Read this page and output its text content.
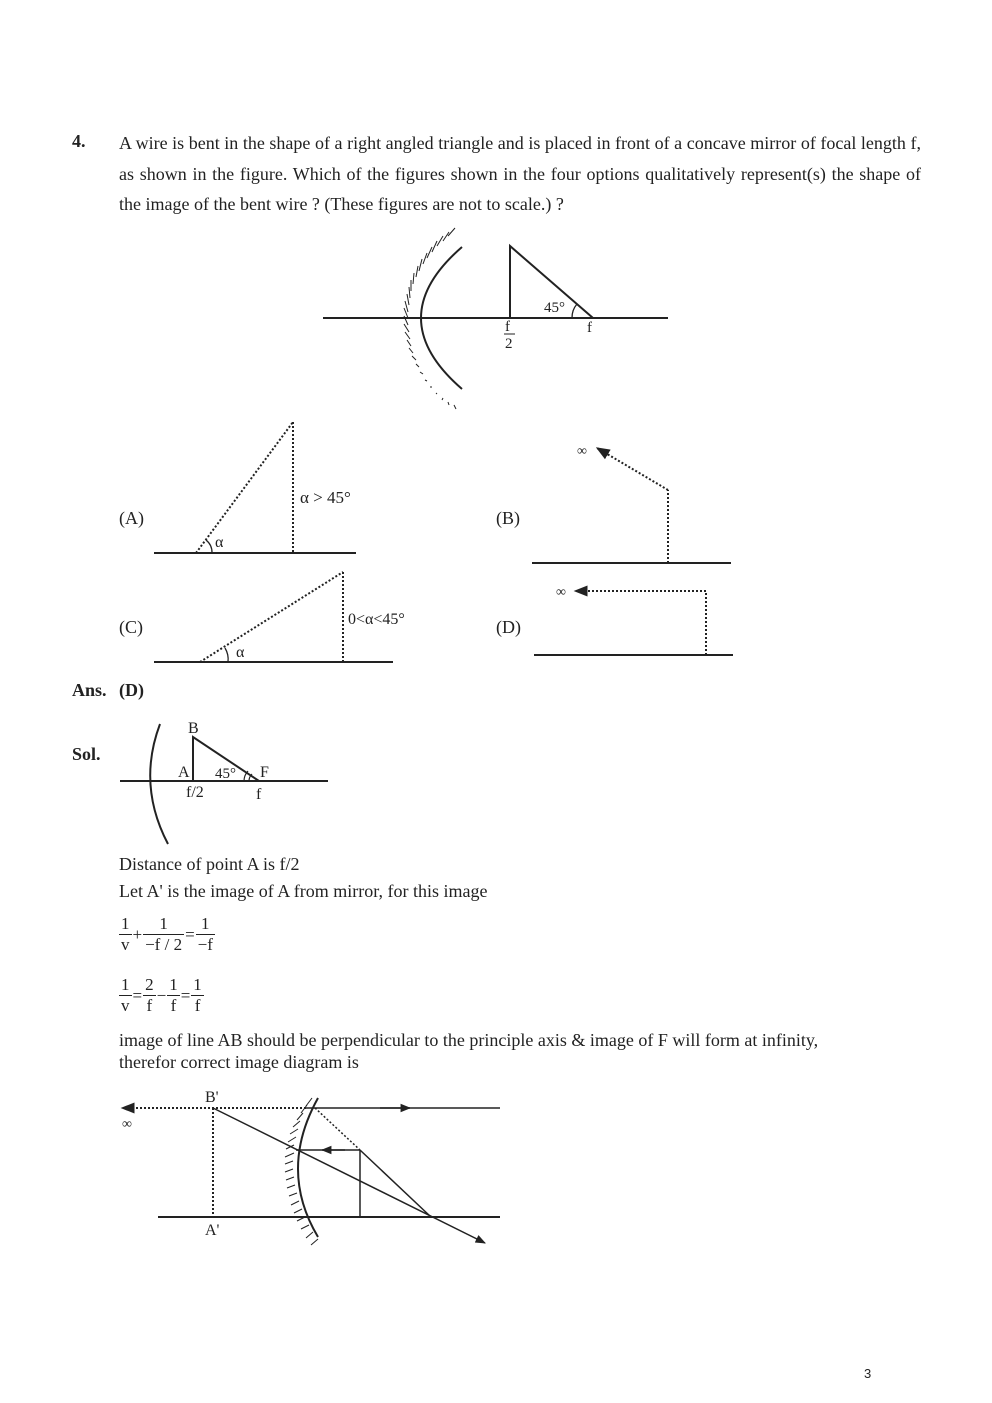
4. A wire is bent in the shape of a right angled triangle and is placed in front of a concave mirror of focal length f, as shown in the figure. Which of the figures shown in the four options qualitatively represent(s) the shape of the image of the bent wire ? (These figures are not to scale.) ?
45°
f
2
f
α
α > 45°
∞
α
0<α<45°
∞
B
A 45° F
f/2	f
B'
A'
∞
(A)	(B)
(C)	(D)
Ans. (D)
Sol.
Distance of point A is f/2
Let A' is the image of A from mirror, for this image
$\frac{1}{v} + \frac{1}{-f / 2} = \frac{1}{-f}$
$\frac{1}{v} = \frac{2}{f} - \frac{1}{f} = \frac{1}{f}$
image of line AB should be perpendicular to the principle axis & image of F will form at infinity,
therefor correct image diagram is
3
